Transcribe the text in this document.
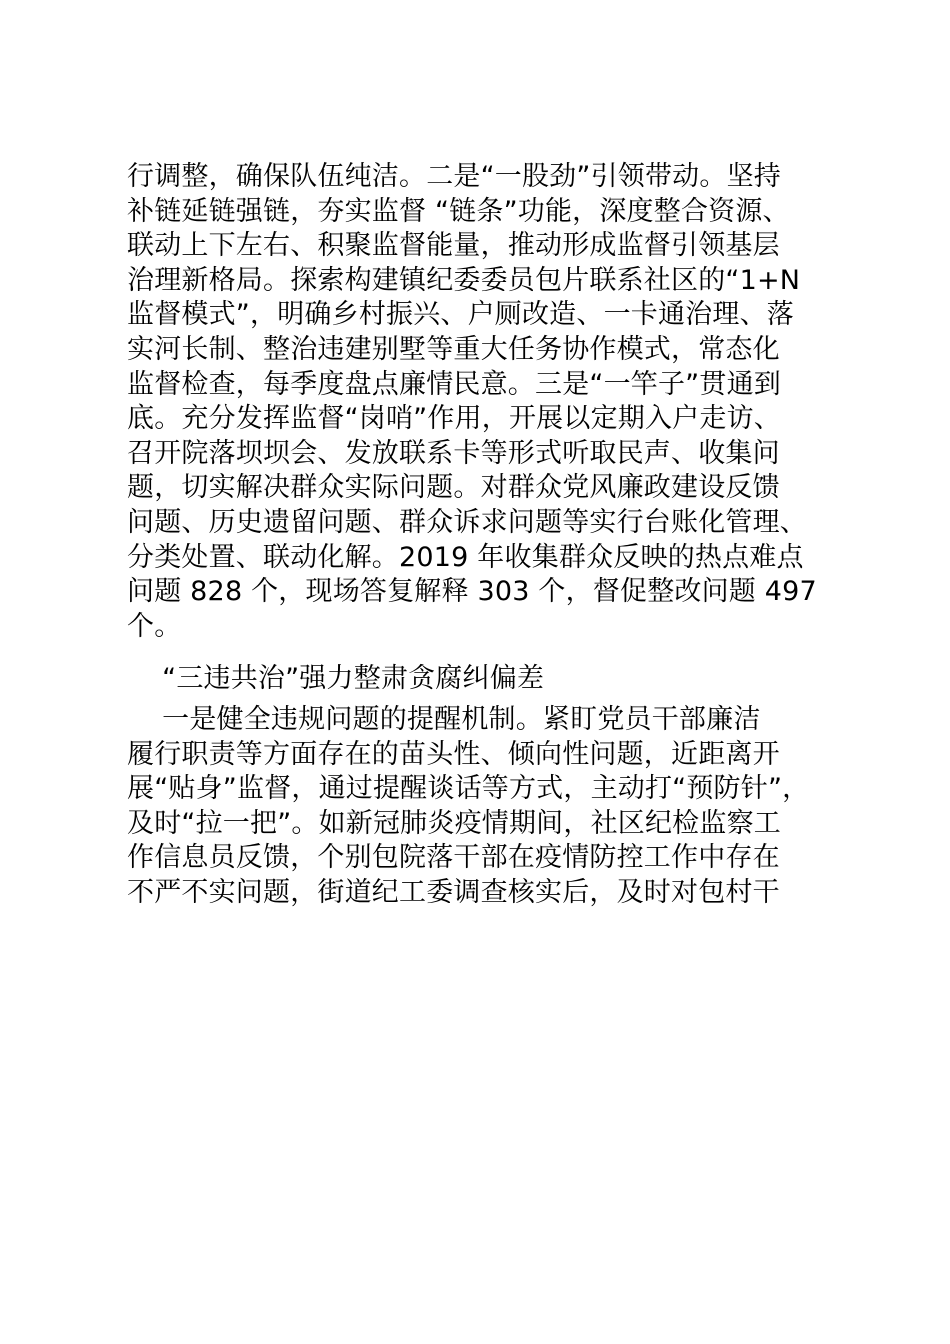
行调整，确保队伍纯洁。二是“一股劲”引领带动。坚持
补链延链强链，夯实监督 “链条”功能，深度整合资源、
联动上下左右、积聚监督能量，推动形成监督引领基层
治理新格局。探索构建镇纪委委员包片联系社区的“1+N
监督模式”，明确乡村振兴、户厕改造、一卡通治理、落
实河长制、整治违建别墅等重大任务协作模式，常态化
监督检查，每季度盘点廉情民意。三是“一竿子”贯通到
底。充分发挥监督“岗哨”作用，开展以定期入户走访、
召开院落坝坝会、发放联系卡等形式听取民声、收集问
题，切实解决群众实际问题。对群众党风廉政建设反馈
问题、历史遗留问题、群众诉求问题等实行台账化管理、
分类处置、联动化解。2019 年收集群众反映的热点难点
问题 828 个，现场答复解释 303 个，督促整改问题 497
个。
“三违共治”强力整肃贪腐纠偏差
一是健全违规问题的提醒机制。紧盯党员干部廉洁
履行职责等方面存在的苗头性、倾向性问题，近距离开
展“贴身”监督，通过提醒谈话等方式，主动打“预防针”，
及时“拉一把”。如新冠肺炎疫情期间，社区纪检监察工
作信息员反馈，个别包院落干部在疫情防控工作中存在
不严不实问题，街道纪工委调查核实后，及时对包村干
